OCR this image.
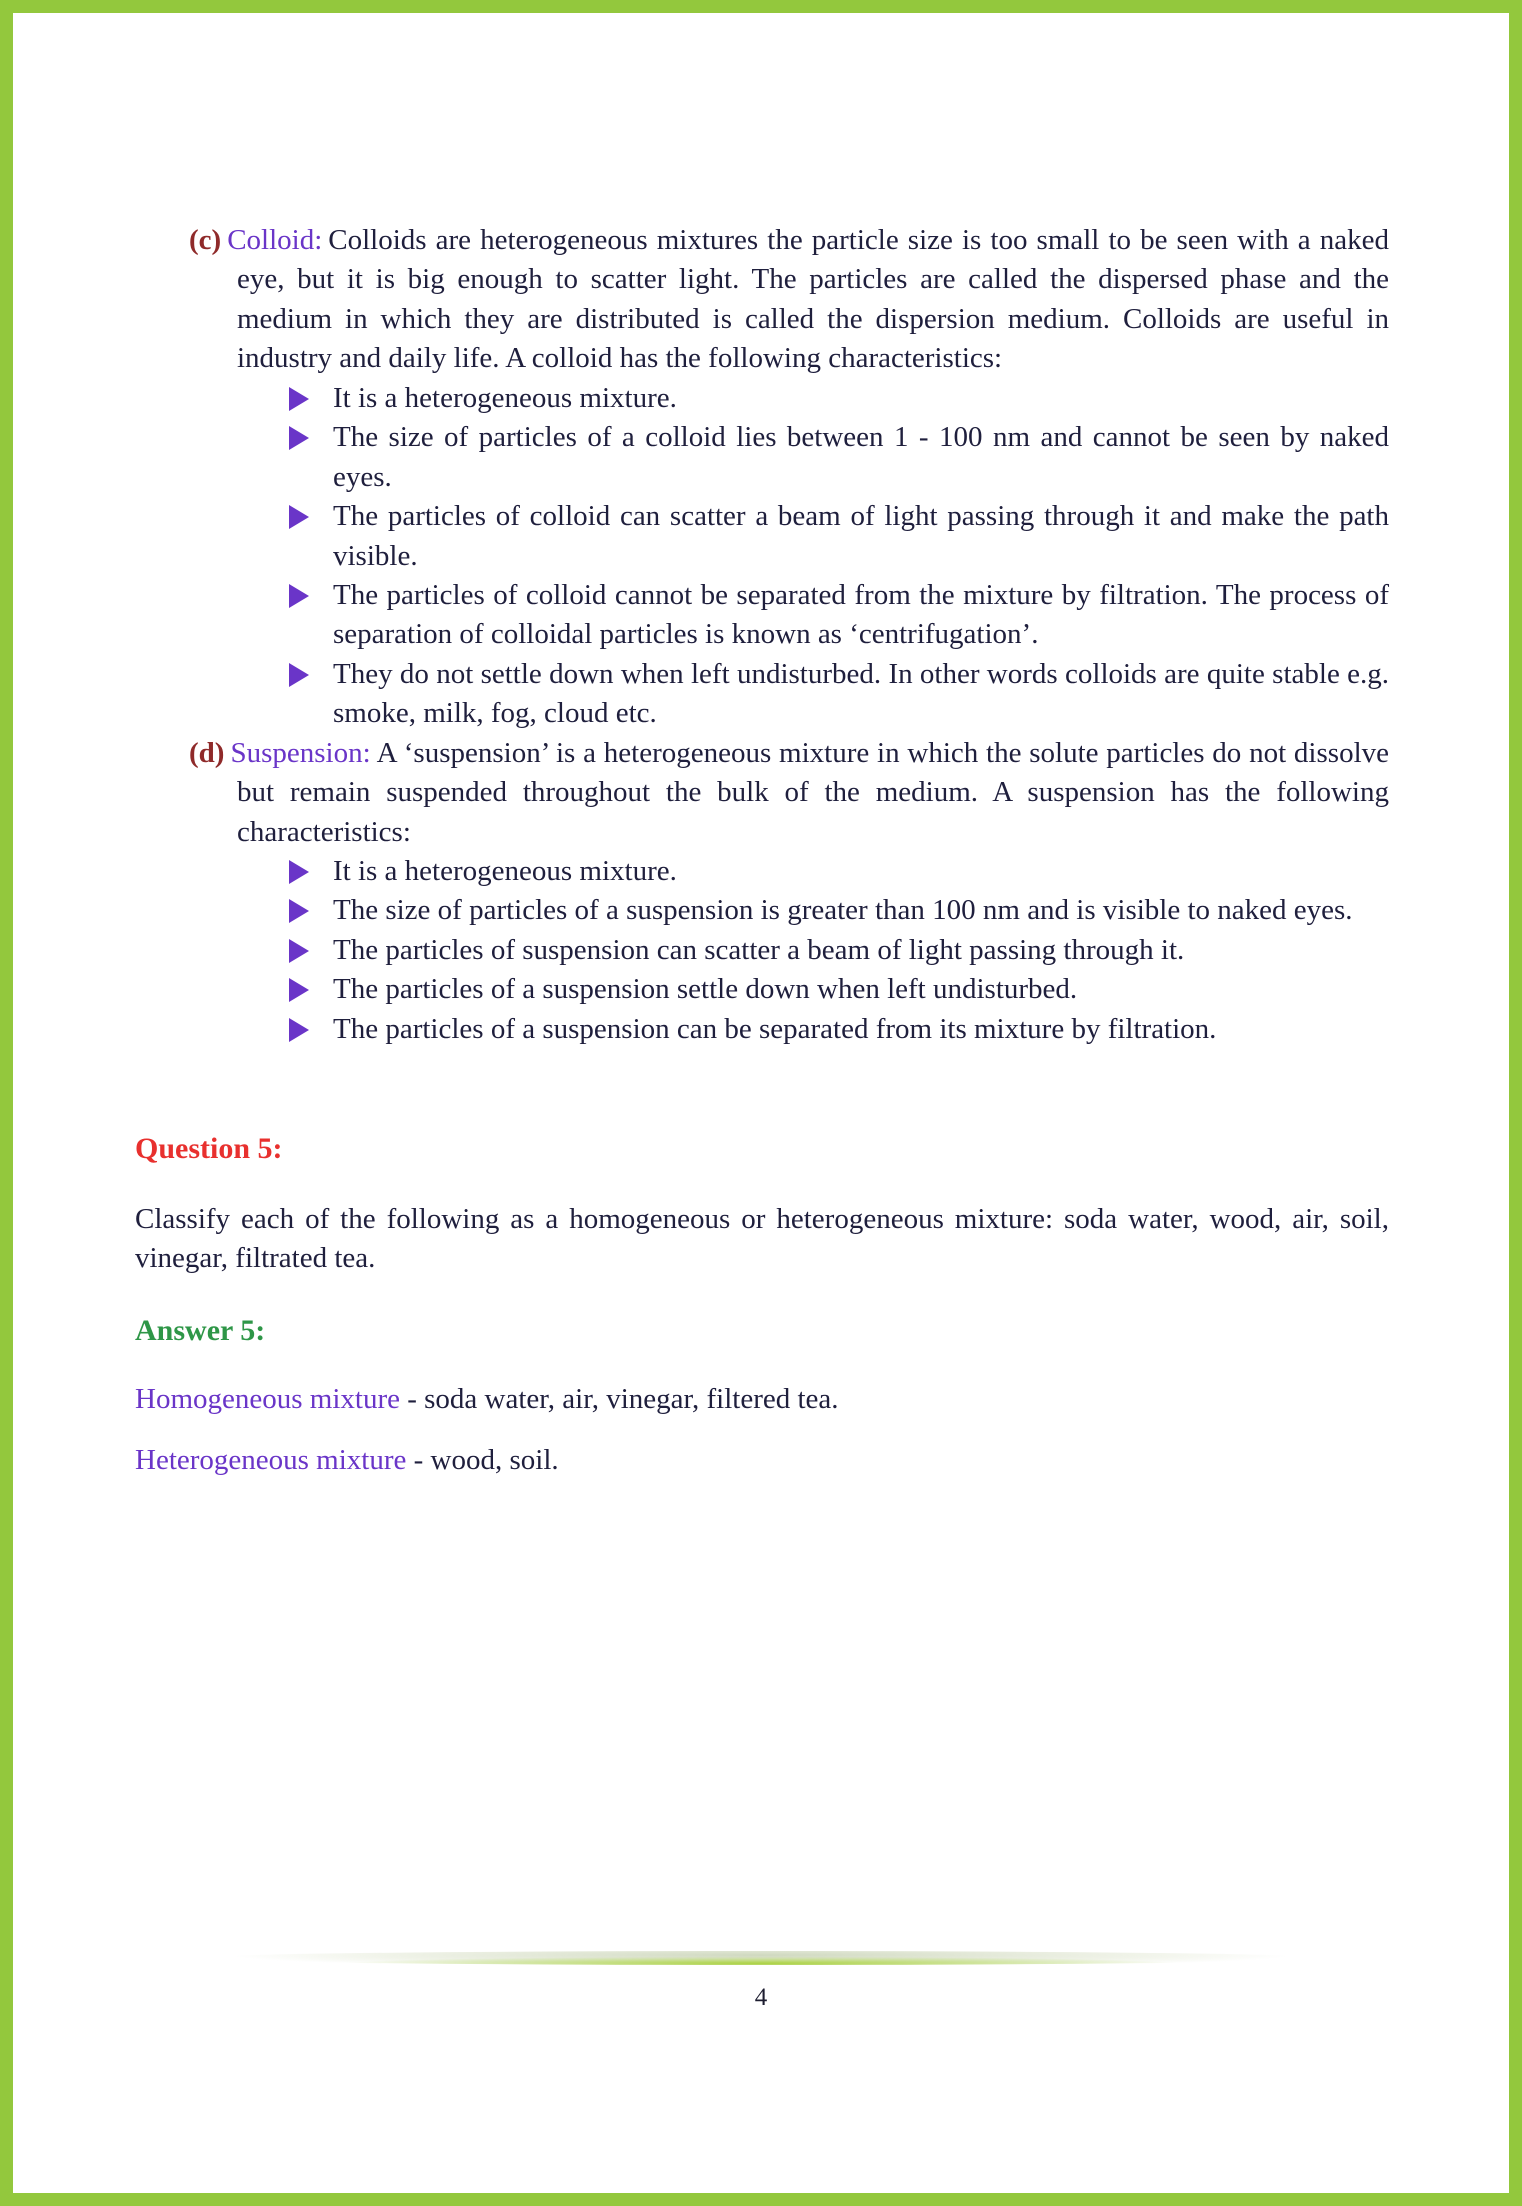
(c) Colloid: Colloids are heterogeneous mixtures the particle size is too small to be seen with a naked eye, but it is big enough to scatter light. The particles are called the dispersed phase and the medium in which they are distributed is called the dispersion medium. Colloids are useful in industry and daily life. A colloid has the following characteristics:

It is a heterogeneous mixture.
The size of particles of a colloid lies between 1 - 100 nm and cannot be seen by naked eyes.
The particles of colloid can scatter a beam of light passing through it and make the path visible.
The particles of colloid cannot be separated from the mixture by filtration. The process of separation of colloidal particles is known as ‘centrifugation’.
They do not settle down when left undisturbed. In other words colloids are quite stable e.g. smoke, milk, fog, cloud etc.

(d) Suspension: A ‘suspension’ is a heterogeneous mixture in which the solute particles do not dissolve but remain suspended throughout the bulk of the medium. A suspension has the following characteristics:

It is a heterogeneous mixture.
The size of particles of a suspension is greater than 100 nm and is visible to naked eyes.
The particles of suspension can scatter a beam of light passing through it.
The particles of a suspension settle down when left undisturbed.
The particles of a suspension can be separated from its mixture by filtration.
Question 5:

Classify each of the following as a homogeneous or heterogeneous mixture: soda water, wood, air, soil, vinegar, filtrated tea.

Answer 5:

Homogeneous mixture - soda water, air, vinegar, filtered tea.

Heterogeneous mixture - wood, soil.

4
